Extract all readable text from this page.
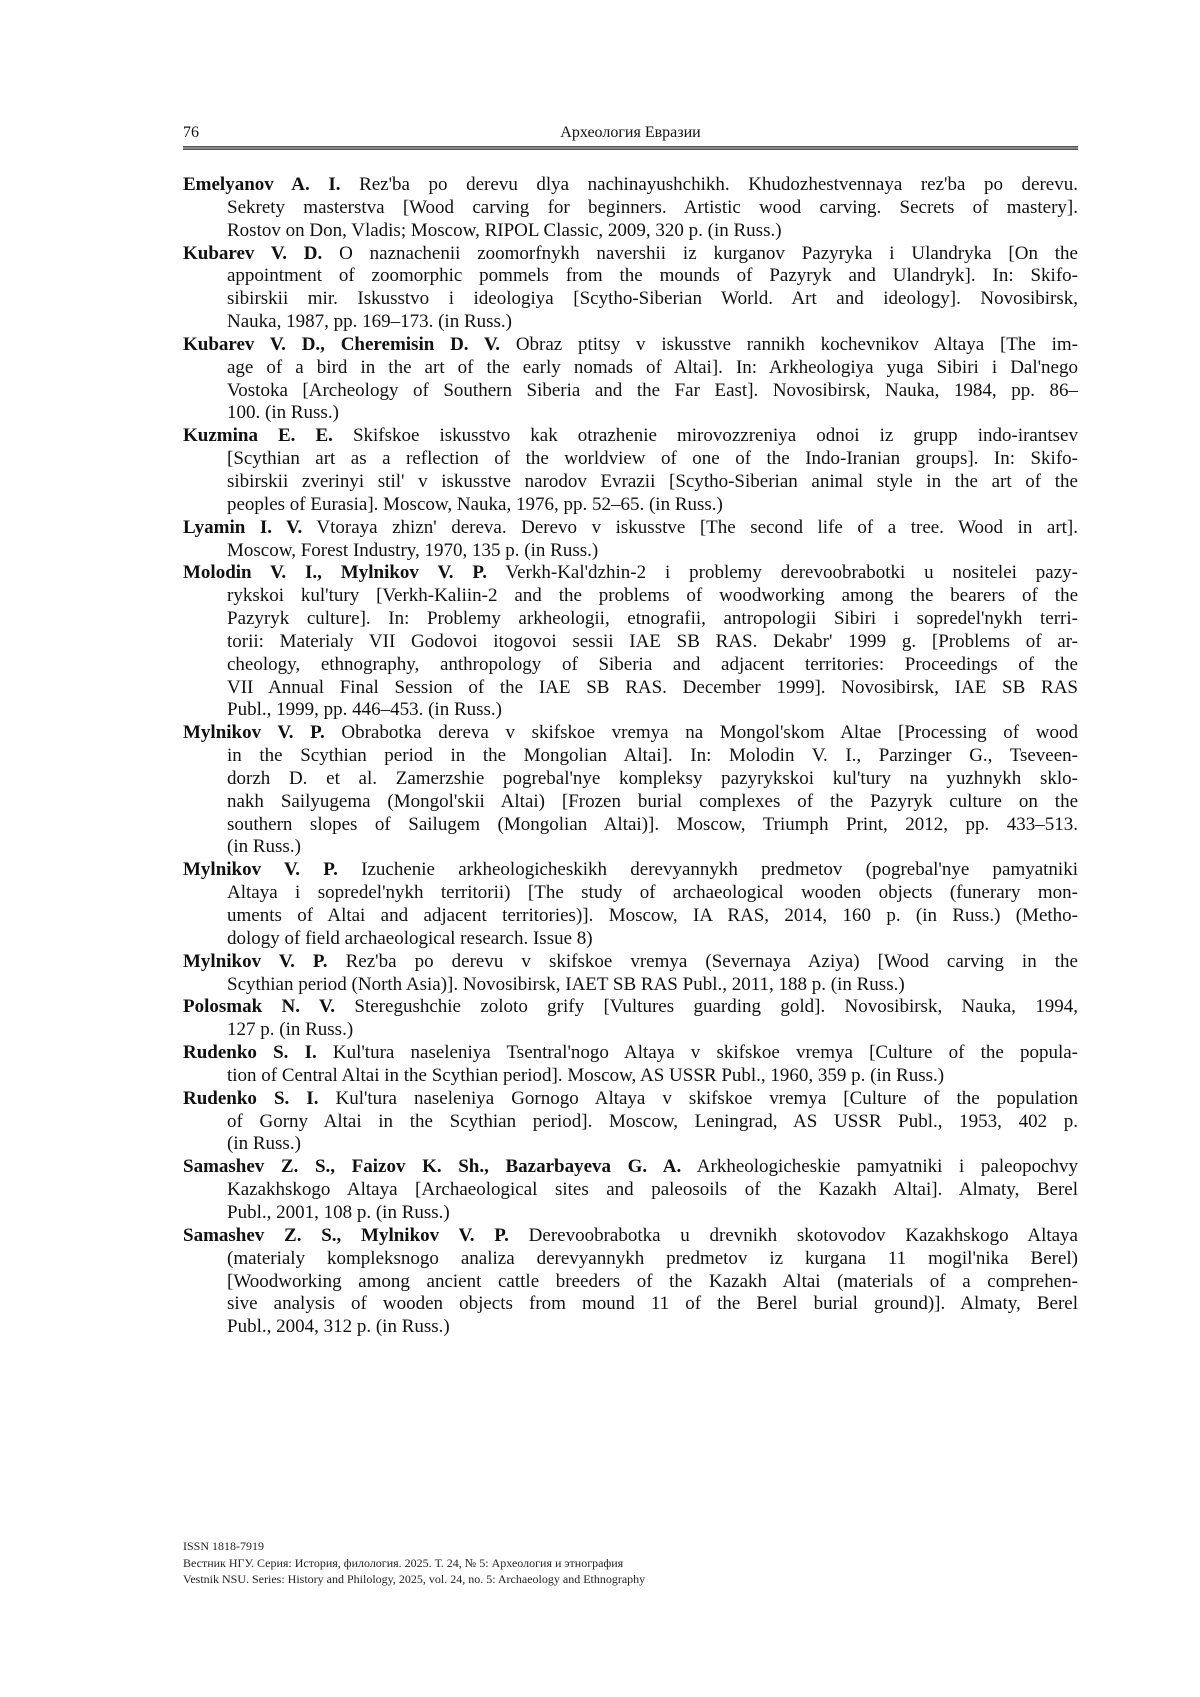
76	Археология Евразии
Emelyanov A. I. Rez'ba po derevu dlya nachinayushchikh. Khudozhestvennaya rez'ba po derevu.
Sekrety masterstva [Wood carving for beginners. Artistic wood carving. Secrets of mastery].
Rostov on Don, Vladis; Moscow, RIPOL Classic, 2009, 320 p. (in Russ.)
Kubarev V. D. O naznachenii zoomorfnykh navershii iz kurganov Pazyryka i Ulandryka [On the
appointment of zoomorphic pommels from the mounds of Pazyryk and Ulandryk]. In: Skifo-
sibirskii mir. Iskusstvo i ideologiya [Scytho-Siberian World. Art and ideology]. Novosibirsk,
Nauka, 1987, pp. 169–173. (in Russ.)
Kubarev V. D., Cheremisin D. V. Obraz ptitsy v iskusstve rannikh kochevnikov Altaya [The im-
age of a bird in the art of the early nomads of Altai]. In: Arkheologiya yuga Sibiri i Dal'nego
Vostoka [Archeology of Southern Siberia and the Far East]. Novosibirsk, Nauka, 1984, pp. 86–
100. (in Russ.)
Kuzmina E. E. Skifskoe iskusstvo kak otrazhenie mirovozzreniya odnoi iz grupp indo-irantsev
[Scythian art as a reflection of the worldview of one of the Indo-Iranian groups]. In: Skifo-
sibirskii zverinyi stil' v iskusstve narodov Evrazii [Scytho-Siberian animal style in the art of the
peoples of Eurasia]. Moscow, Nauka, 1976, pp. 52–65. (in Russ.)
Lyamin I. V. Vtoraya zhizn' dereva. Derevo v iskusstve [The second life of a tree. Wood in art].
Moscow, Forest Industry, 1970, 135 p. (in Russ.)
Molodin V. I., Mylnikov V. P. Verkh-Kal'dzhin-2 i problemy derevoobrabotki u nositelei pazy-
rykskoi kul'tury [Verkh-Kaliin-2 and the problems of woodworking among the bearers of the
Pazyryk culture]. In: Problemy arkheologii, etnografii, antropologii Sibiri i sopredel'nykh terri-
torii: Materialy VII Godovoi itogovoi sessii IAE SB RAS. Dekabr' 1999 g. [Problems of ar-
cheology, ethnography, anthropology of Siberia and adjacent territories: Proceedings of the
VII Annual Final Session of the IAE SB RAS. December 1999]. Novosibirsk, IAE SB RAS
Publ., 1999, pp. 446–453. (in Russ.)
Mylnikov V. P. Obrabotka dereva v skifskoe vremya na Mongol'skom Altae [Processing of wood
in the Scythian period in the Mongolian Altai]. In: Molodin V. I., Parzinger G., Tseveen-
dorzh D. et al. Zamerzshie pogrebal'nye kompleksy pazyrykskoi kul'tury na yuzhnykh sklo-
nakh Sailyugema (Mongol'skii Altai) [Frozen burial complexes of the Pazyryk culture on the
southern slopes of Sailugem (Mongolian Altai)]. Moscow, Triumph Print, 2012, pp. 433–513.
(in Russ.)
Mylnikov V. P. Izuchenie arkheologicheskikh derevyannykh predmetov (pogrebal'nye pamyatniki
Altaya i sopredel'nykh territorii) [The study of archaeological wooden objects (funerary mon-
uments of Altai and adjacent territories)]. Moscow, IA RAS, 2014, 160 p. (in Russ.) (Metho-
dology of field archaeological research. Issue 8)
Mylnikov V. P. Rez'ba po derevu v skifskoe vremya (Severnaya Aziya) [Wood carving in the
Scythian period (North Asia)]. Novosibirsk, IAET SB RAS Publ., 2011, 188 p. (in Russ.)
Polosmak N. V. Steregushchie zoloto grify [Vultures guarding gold]. Novosibirsk, Nauka, 1994,
127 p. (in Russ.)
Rudenko S. I. Kul'tura naseleniya Tsentral'nogo Altaya v skifskoe vremya [Culture of the popula-
tion of Central Altai in the Scythian period]. Moscow, AS USSR Publ., 1960, 359 p. (in Russ.)
Rudenko S. I. Kul'tura naseleniya Gornogo Altaya v skifskoe vremya [Culture of the population
of Gorny Altai in the Scythian period]. Moscow, Leningrad, AS USSR Publ., 1953, 402 p.
(in Russ.)
Samashev Z. S., Faizov K. Sh., Bazarbayeva G. A. Arkheologicheskie pamyatniki i paleopochvy
Kazakhskogo Altaya [Archaeological sites and paleosoils of the Kazakh Altai]. Almaty, Berel
Publ., 2001, 108 p. (in Russ.)
Samashev Z. S., Mylnikov V. P. Derevoobrabotka u drevnikh skotovodov Kazakhskogo Altaya
(materialy kompleksnogo analiza derevyannykh predmetov iz kurgana 11 mogil'nika Berel)
[Woodworking among ancient cattle breeders of the Kazakh Altai (materials of a comprehen-
sive analysis of wooden objects from mound 11 of the Berel burial ground)]. Almaty, Berel
Publ., 2004, 312 p. (in Russ.)
ISSN 1818-7919
Вестник НГУ. Серия: История, филология. 2025. Т. 24, № 5: Археология и этнография
Vestnik NSU. Series: History and Philology, 2025, vol. 24, no. 5: Archaeology and Ethnography
